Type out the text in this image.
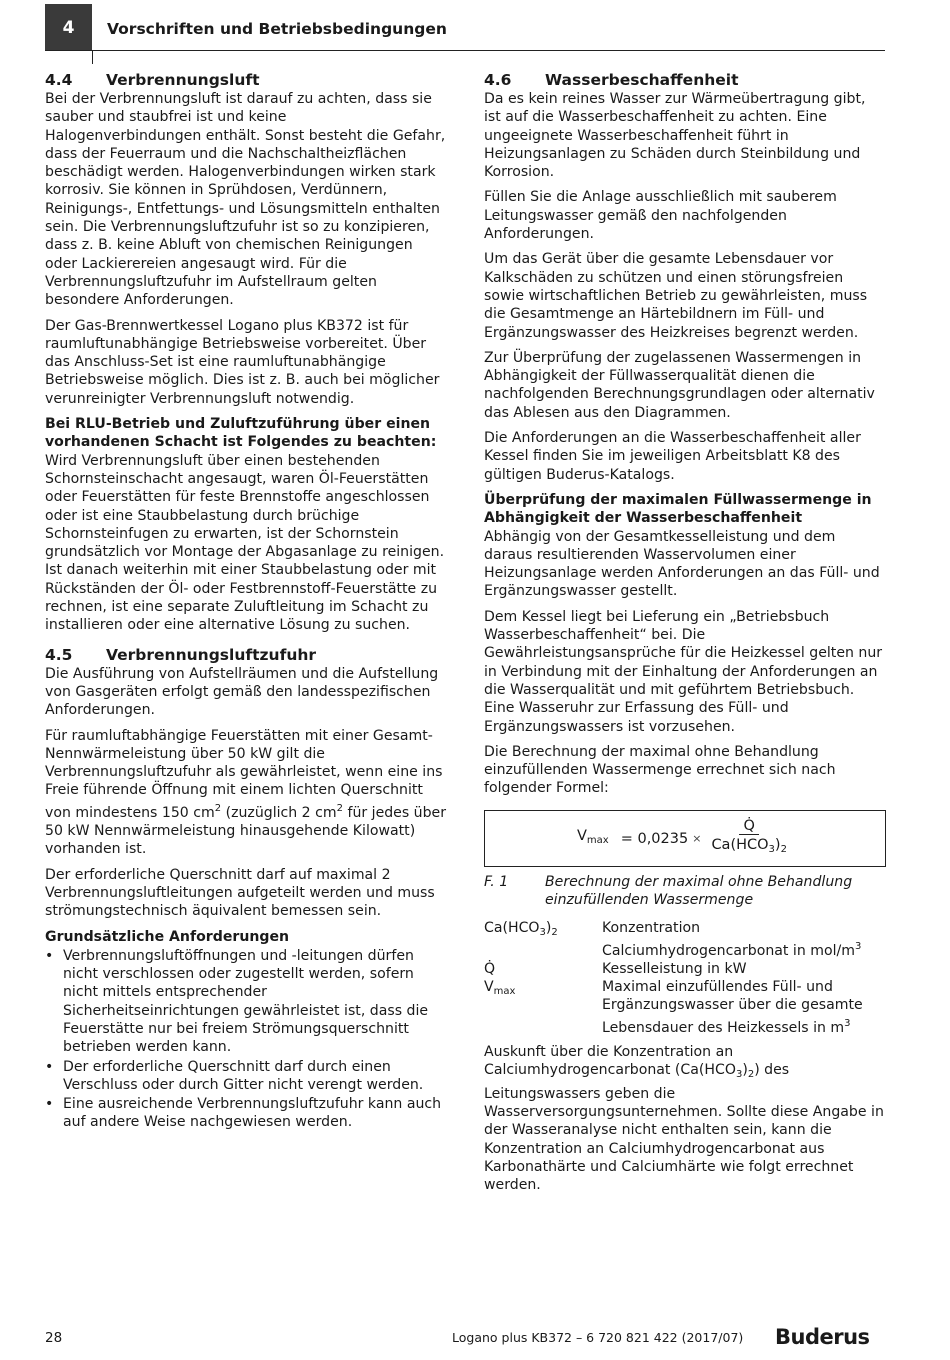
4 Vorschriften und Betriebsbedingungen
4.4	Verbrennungsluft

Bei der Verbrennungsluft ist darauf zu achten, dass sie sauber und staubfrei ist und keine Halogenverbindungen enthält. Sonst besteht die Gefahr, dass der Feuerraum und die Nachschaltheizflächen beschädigt werden. Halogenverbindungen wirken stark korrosiv. Sie können in Sprühdosen, Verdünnern, Reinigungs-, Entfettungs- und Lösungsmitteln enthalten sein. Die Verbrennungsluftzufuhr ist so zu konzipieren, dass z. B. keine Abluft von chemischen Reinigungen oder Lackierereien angesaugt wird. Für die Verbrennungsluftzufuhr im Aufstellraum gelten besondere Anforderungen.

Der Gas-Brennwertkessel Logano plus KB372 ist für raumluftunabhängige Betriebsweise vorbereitet. Über das Anschluss-Set ist eine raumluftunabhängige Betriebsweise möglich. Dies ist z. B. auch bei möglicher verunreinigter Verbrennungsluft notwendig.

Bei RLU-Betrieb und Zuluftzuführung über einen vorhandenen Schacht ist Folgendes zu beachten:

Wird Verbrennungsluft über einen bestehenden Schornsteinschacht angesaugt, waren Öl-Feuerstätten oder Feuerstätten für feste Brennstoffe angeschlossen oder ist eine Staubbelastung durch brüchige Schornsteinfugen zu erwarten, ist der Schornstein grundsätzlich vor Montage der Abgasanlage zu reinigen. Ist danach weiterhin mit einer Staubbelastung oder mit Rückständen der Öl- oder Festbrennstoff-Feuerstätte zu rechnen, ist eine separate Zuluftleitung im Schacht zu installieren oder eine alternative Lösung zu suchen.

4.5	Verbrennungsluftzufuhr

Die Ausführung von Aufstellräumen und die Aufstellung von Gasgeräten erfolgt gemäß den landesspezifischen Anforderungen.

Für raumluftabhängige Feuerstätten mit einer Gesamt-Nennwärmeleistung über 50 kW gilt die Verbrennungsluftzufuhr als gewährleistet, wenn eine ins Freie führende Öffnung mit einem lichten Querschnitt von mindestens 150 $cm^2$ (zuzüglich 2 $cm^2$ für jedes über 50 kW Nennwärmeleistung hinausgehende Kilowatt) vorhanden ist.

Der erforderliche Querschnitt darf auf maximal 2 Verbrennungsluftleitungen aufgeteilt werden und muss strömungstechnisch äquivalent bemessen sein.

Grundsätzliche Anforderungen

• Verbrennungsluftöffnungen und -leitungen dürfen nicht verschlossen oder zugestellt werden, sofern nicht mittels entsprechender Sicherheitseinrichtungen gewährleistet ist, dass die Feuerstätte nur bei freiem Strömungsquerschnitt betrieben werden kann.
• Der erforderliche Querschnitt darf durch einen Verschluss oder durch Gitter nicht verengt werden.
• Eine ausreichende Verbrennungsluftzufuhr kann auch auf andere Weise nachgewiesen werden.
4.6	Wasserbeschaffenheit

Da es kein reines Wasser zur Wärmeübertragung gibt, ist auf die Wasserbeschaffenheit zu achten. Eine ungeeignete Wasserbeschaffenheit führt in Heizungsanlagen zu Schäden durch Steinbildung und Korrosion.

Füllen Sie die Anlage ausschließlich mit sauberem Leitungswasser gemäß den nachfolgenden Anforderungen.

Um das Gerät über die gesamte Lebensdauer vor Kalkschäden zu schützen und einen störungsfreien sowie wirtschaftlichen Betrieb zu gewährleisten, muss die Gesamtmenge an Härtebildnern im Füll- und Ergänzungswasser des Heizkreises begrenzt werden.

Zur Überprüfung der zugelassenen Wassermengen in Abhängigkeit der Füllwasserqualität dienen die nachfolgenden Berechnungsgrundlagen oder alternativ das Ablesen aus den Diagrammen.

Die Anforderungen an die Wasserbeschaffenheit aller Kessel finden Sie im jeweiligen Arbeitsblatt K8 des gültigen Buderus-Katalogs.

Überprüfung der maximalen Füllwassermenge in Abhängigkeit der Wasserbeschaffenheit

Abhängig von der Gesamtkesselleistung und dem daraus resultierenden Wasservolumen einer Heizungsanlage werden Anforderungen an das Füll- und Ergänzungswasser gestellt.

Dem Kessel liegt bei Lieferung ein „Betriebsbuch Wasserbeschaffenheit“ bei. Die Gewährleistungsansprüche für die Heizkessel gelten nur in Verbindung mit der Einhaltung der Anforderungen an die Wasserqualität und mit geführtem Betriebsbuch. Eine Wasseruhr zur Erfassung des Füll- und Ergänzungswassers ist vorzusehen.

Die Berechnung der maximal ohne Behandlung einzufüllenden Wassermenge errechnet sich nach folgender Formel:

$V_{max} = 0,0235 \times \frac{Q̇}{Ca(HCO_3)_2}$
F. 1	Berechnung der maximal ohne Behandlung einzufüllenden Wassermenge
$Ca(HCO_3)_2$	Konzentration Calciumhydrogencarbonat in mol/$m^3$
Q̇	Kesselleistung in kW
$V_{max}$	Maximal einzufüllendes Füll- und Ergänzungswasser über die gesamte Lebensdauer des Heizkessels in $m^3$

Auskunft über die Konzentration an Calciumhydrogencarbonat $(Ca(HCO_3)_2)$ des Leitungswassers geben die Wasserversorgungsunternehmen. Sollte diese Angabe in der Wasseranalyse nicht enthalten sein, kann die Konzentration an Calciumhydrogencarbonat aus Karbonathärte und Calciumhärte wie folgt errechnet werden.

28	Logano plus KB372 – 6 720 821 422 (2017/07) Buderus
